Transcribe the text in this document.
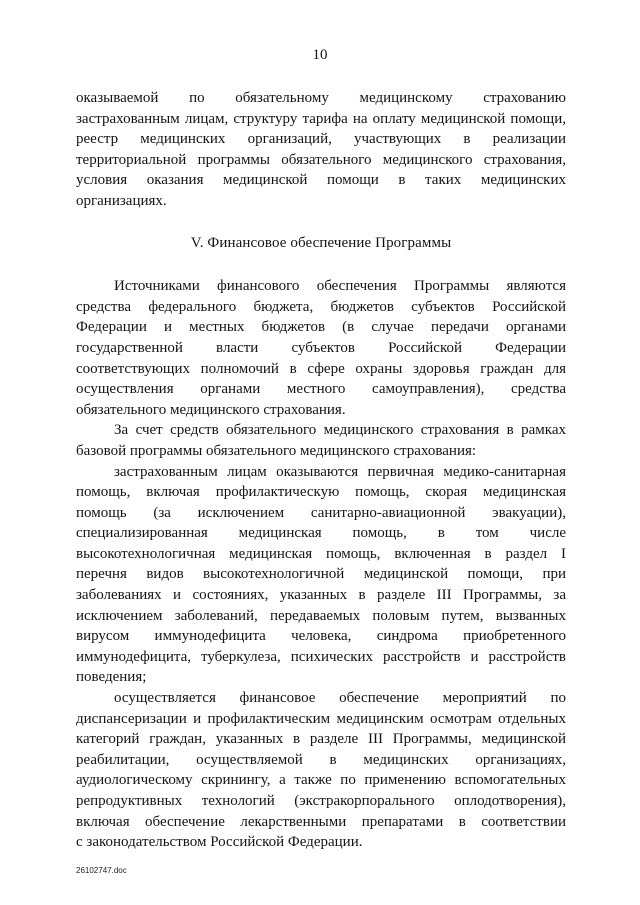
10
оказываемой по обязательному медицинскому страхованию
застрахованным лицам, структуру тарифа на оплату медицинской помощи,
реестр медицинских организаций, участвующих в реализации
территориальной программы обязательного медицинского страхования,
условия оказания медицинской помощи в таких медицинских
организациях.
V. Финансовое обеспечение Программы
Источниками финансового обеспечения Программы являются
средства федерального бюджета, бюджетов субъектов Российской
Федерации и местных бюджетов (в случае передачи органами
государственной власти субъектов Российской Федерации
соответствующих полномочий в сфере охраны здоровья граждан для
осуществления органами местного самоуправления), средства
обязательного медицинского страхования.
За счет средств обязательного медицинского страхования в рамках
базовой программы обязательного медицинского страхования:
застрахованным лицам оказываются первичная медико-санитарная
помощь, включая профилактическую помощь, скорая медицинская
помощь (за исключением санитарно-авиационной эвакуации),
специализированная медицинская помощь, в том числе
высокотехнологичная медицинская помощь, включенная в раздел I
перечня видов высокотехнологичной медицинской помощи, при
заболеваниях и состояниях, указанных в разделе III Программы, за
исключением заболеваний, передаваемых половым путем, вызванных
вирусом иммунодефицита человека, синдрома приобретенного
иммунодефицита, туберкулеза, психических расстройств и расстройств
поведения;
осуществляется финансовое обеспечение мероприятий по
диспансеризации и профилактическим медицинским осмотрам отдельных
категорий граждан, указанных в разделе III Программы, медицинской
реабилитации, осуществляемой в медицинских организациях,
аудиологическому скринингу, а также по применению вспомогательных
репродуктивных технологий (экстракорпорального оплодотворения),
включая обеспечение лекарственными препаратами в соответствии
с законодательством Российской Федерации.
26102747.doc
